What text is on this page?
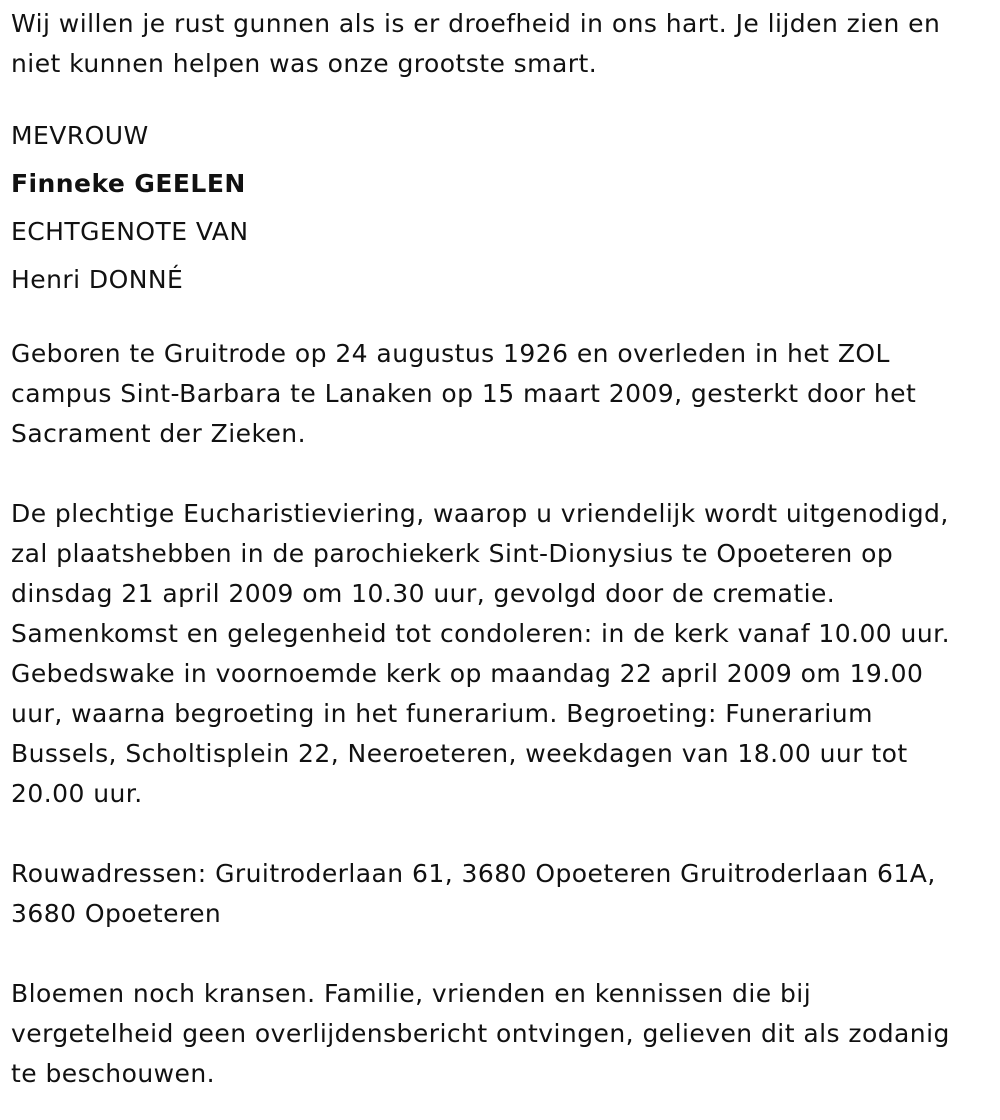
Wij willen je rust gunnen als is er droefheid in ons hart. Je lijden zien en

niet kunnen helpen was onze grootste smart.

MEVROUW

Finneke GEELEN

ECHTGENOTE VAN

Henri DONNÉ

Geboren te Gruitrode op 24 augustus 1926 en overleden in het ZOL

campus Sint-Barbara te Lanaken op 15 maart 2009, gesterkt door het

Sacrament der Zieken.

De plechtige Eucharistieviering, waarop u vriendelijk wordt uitgenodigd,

zal plaatshebben in de parochiekerk Sint-Dionysius te Opoeteren op

dinsdag 21 april 2009 om 10.30 uur, gevolgd door de crematie.

Samenkomst en gelegenheid tot condoleren: in de kerk vanaf 10.00 uur.

Gebedswake in voornoemde kerk op maandag 22 april 2009 om 19.00

uur, waarna begroeting in het funerarium. Begroeting: Funerarium

Bussels, Scholtisplein 22, Neeroeteren, weekdagen van 18.00 uur tot

20.00 uur.

Rouwadressen: Gruitroderlaan 61, 3680 Opoeteren Gruitroderlaan 61A,

3680 Opoeteren

Bloemen noch kransen. Familie, vrienden en kennissen die bij

vergetelheid geen overlijdensbericht ontvingen, gelieven dit als zodanig

te beschouwen.
